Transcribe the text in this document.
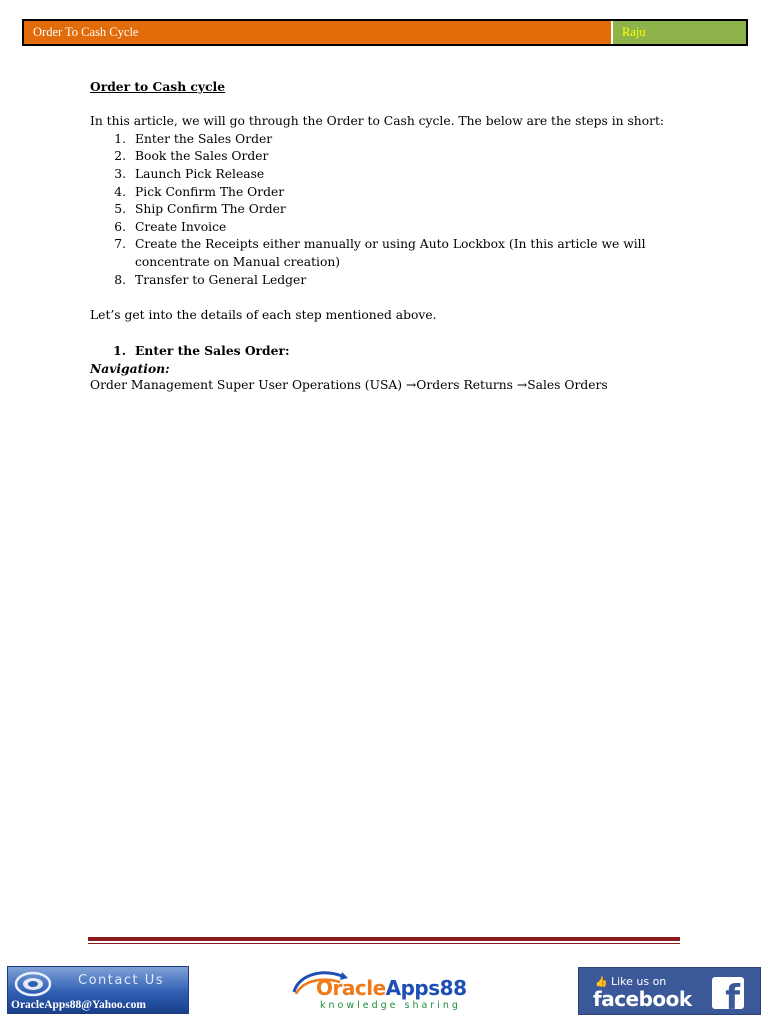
Order To Cash Cycle	Raju

Order to Cash cycle

In this article, we will go through the Order to Cash cycle. The below are the steps in short:

1. Enter the Sales Order
2. Book the Sales Order
3. Launch Pick Release
4. Pick Confirm The Order
5. Ship Confirm The Order
6. Create Invoice
7. Create the Receipts either manually or using Auto Lockbox (In this article we will concentrate on Manual creation)
8. Transfer to General Ledger

Let’s get into the details of each step mentioned above.

1. Enter the Sales Order:
Navigation:
Order Management Super User Operations (USA) →Orders Returns →Sales Orders
Contact Us
OracleApps88@Yahoo.com
OracleApps88
knowledge sharing
👍 Like us on
facebook f
